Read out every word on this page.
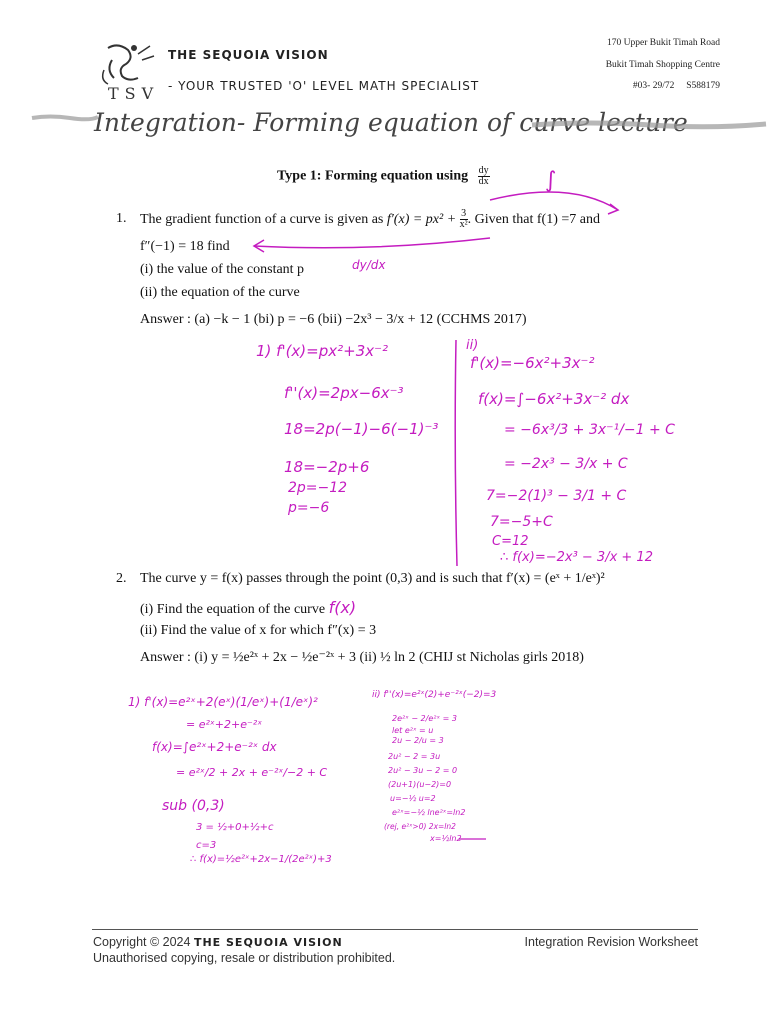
TSV
THE SEQUOIA VISION
- YOUR TRUSTED 'O' LEVEL MATH SPECIALIST
170 Upper Bukit Timah Road
Bukit Timah Shopping Centre
#03- 29/72     S588179
Integration- Forming equation of curve lecture
Type 1: Forming equation using $\frac{dy}{dx}$
1. The gradient function of a curve is given as $f'(x) = px^2 + \frac{3}{\text{x²}}$ . Given that f(1) =7 and
f″(−1) = 18 find
(i) the value of the constant p
(ii) the equation of the curve
Answer : (a) −k − 1 (bi) p = −6 (bii) −2x³ − 3/x + 12 (CCHMS 2017)
∫
dy/dx
1) f'(x)=px²+3x⁻²
f''(x)=2px−6x⁻³
18=2p(−1)−6(−1)⁻³
18=−2p+6
2p=−12
p=−6
ii)
f'(x)=−6x²+3x⁻²
f(x)=∫−6x²+3x⁻² dx
= −6x³/3 + 3x⁻¹/−1 + C
= −2x³ − 3/x + C
7=−2(1)³ − 3/1 + C
7=−5+C
C=12
∴ f(x)=−2x³ − 3/x + 12
2. The curve y = f(x) passes through the point (0,3) and is such that f′(x) = (eˣ + 1/eˣ)²
(i) Find the equation of the curve f(x)
(ii) Find the value of x for which f″(x) = 3
Answer : (i) y = ½e²ˣ + 2x − ½e⁻²ˣ + 3 (ii) ½ ln 2 (CHIJ st Nicholas girls 2018)
1) f'(x)=e²ˣ+2(eˣ)(1/eˣ)+(1/eˣ)²
= e²ˣ+2+e⁻²ˣ
f(x)=∫e²ˣ+2+e⁻²ˣ dx
= e²ˣ/2 + 2x + e⁻²ˣ/−2 + C
sub (0,3)
3 = ½+0+½+c
c=3
∴ f(x)=½e²ˣ+2x−1/(2e²ˣ)+3
ii) f''(x)=e²ˣ(2)+e⁻²ˣ(−2)=3
2e²ˣ − 2/e²ˣ = 3
let e²ˣ = u
2u − 2/u = 3
2u² − 2 = 3u
2u² − 3u − 2 = 0
(2u+1)(u−2)=0
u=−½ u=2
e²ˣ=−½ lne²ˣ=ln2
(rej, e²ˣ>0) 2x=ln2
x=½ln2
Copyright © 2024 THE SEQUOIA VISION	Integration Revision Worksheet
Unauthorised copying, resale or distribution prohibited.
